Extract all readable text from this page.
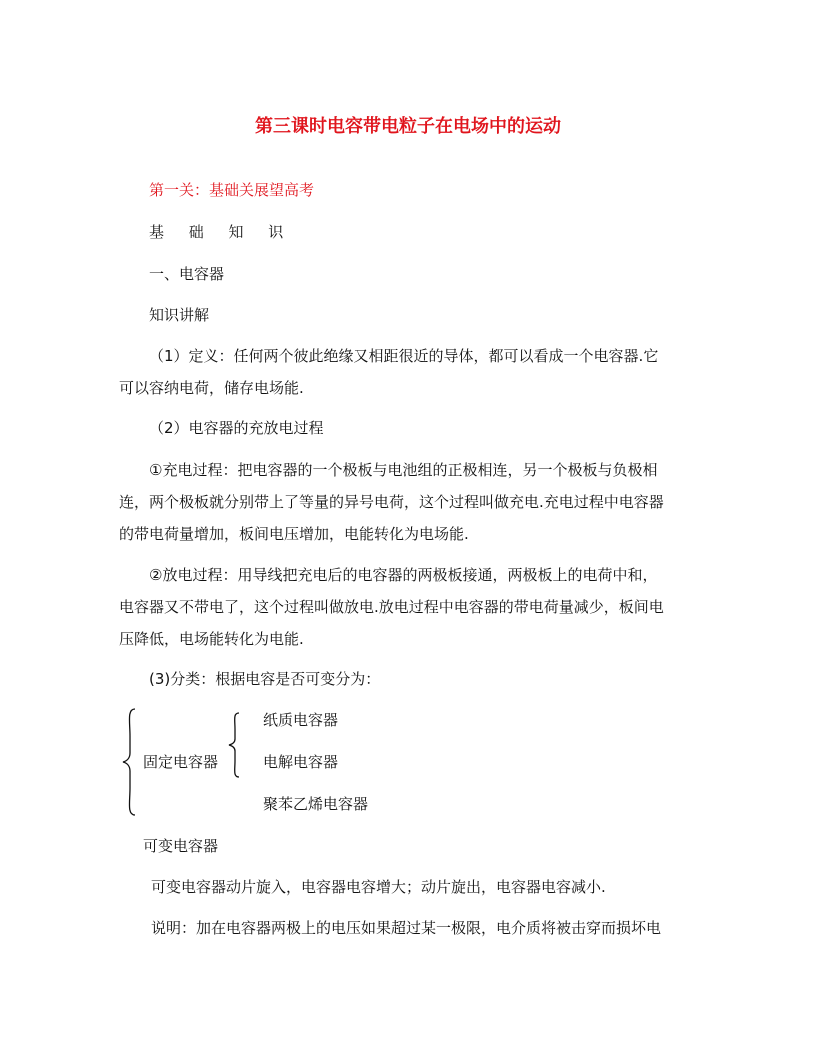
第三课时电容带电粒子在电场中的运动

第一关：基础关展望高考

基 础 知 识

一、电容器

知识讲解

（1）定义：任何两个彼此绝缘又相距很近的导体，都可以看成一个电容器.它

可以容纳电荷，储存电场能.

（2）电容器的充放电过程

①充电过程：把电容器的一个极板与电池组的正极相连，另一个极板与负极相

连，两个极板就分别带上了等量的异号电荷，这个过程叫做充电.充电过程中电容器

的带电荷量增加，板间电压增加，电能转化为电场能.

②放电过程：用导线把充电后的电容器的两极板接通，两极板上的电荷中和，

电容器又不带电了，这个过程叫做放电.放电过程中电容器的带电荷量减少，板间电

压降低，电场能转化为电能.

(3)分类：根据电容是否可变分为：

固定电容器

纸质电容器

电解电容器

聚苯乙烯电容器

可变电容器

可变电容器动片旋入，电容器电容增大；动片旋出，电容器电容减小.

说明：加在电容器两极上的电压如果超过某一极限，电介质将被击穿而损坏电
